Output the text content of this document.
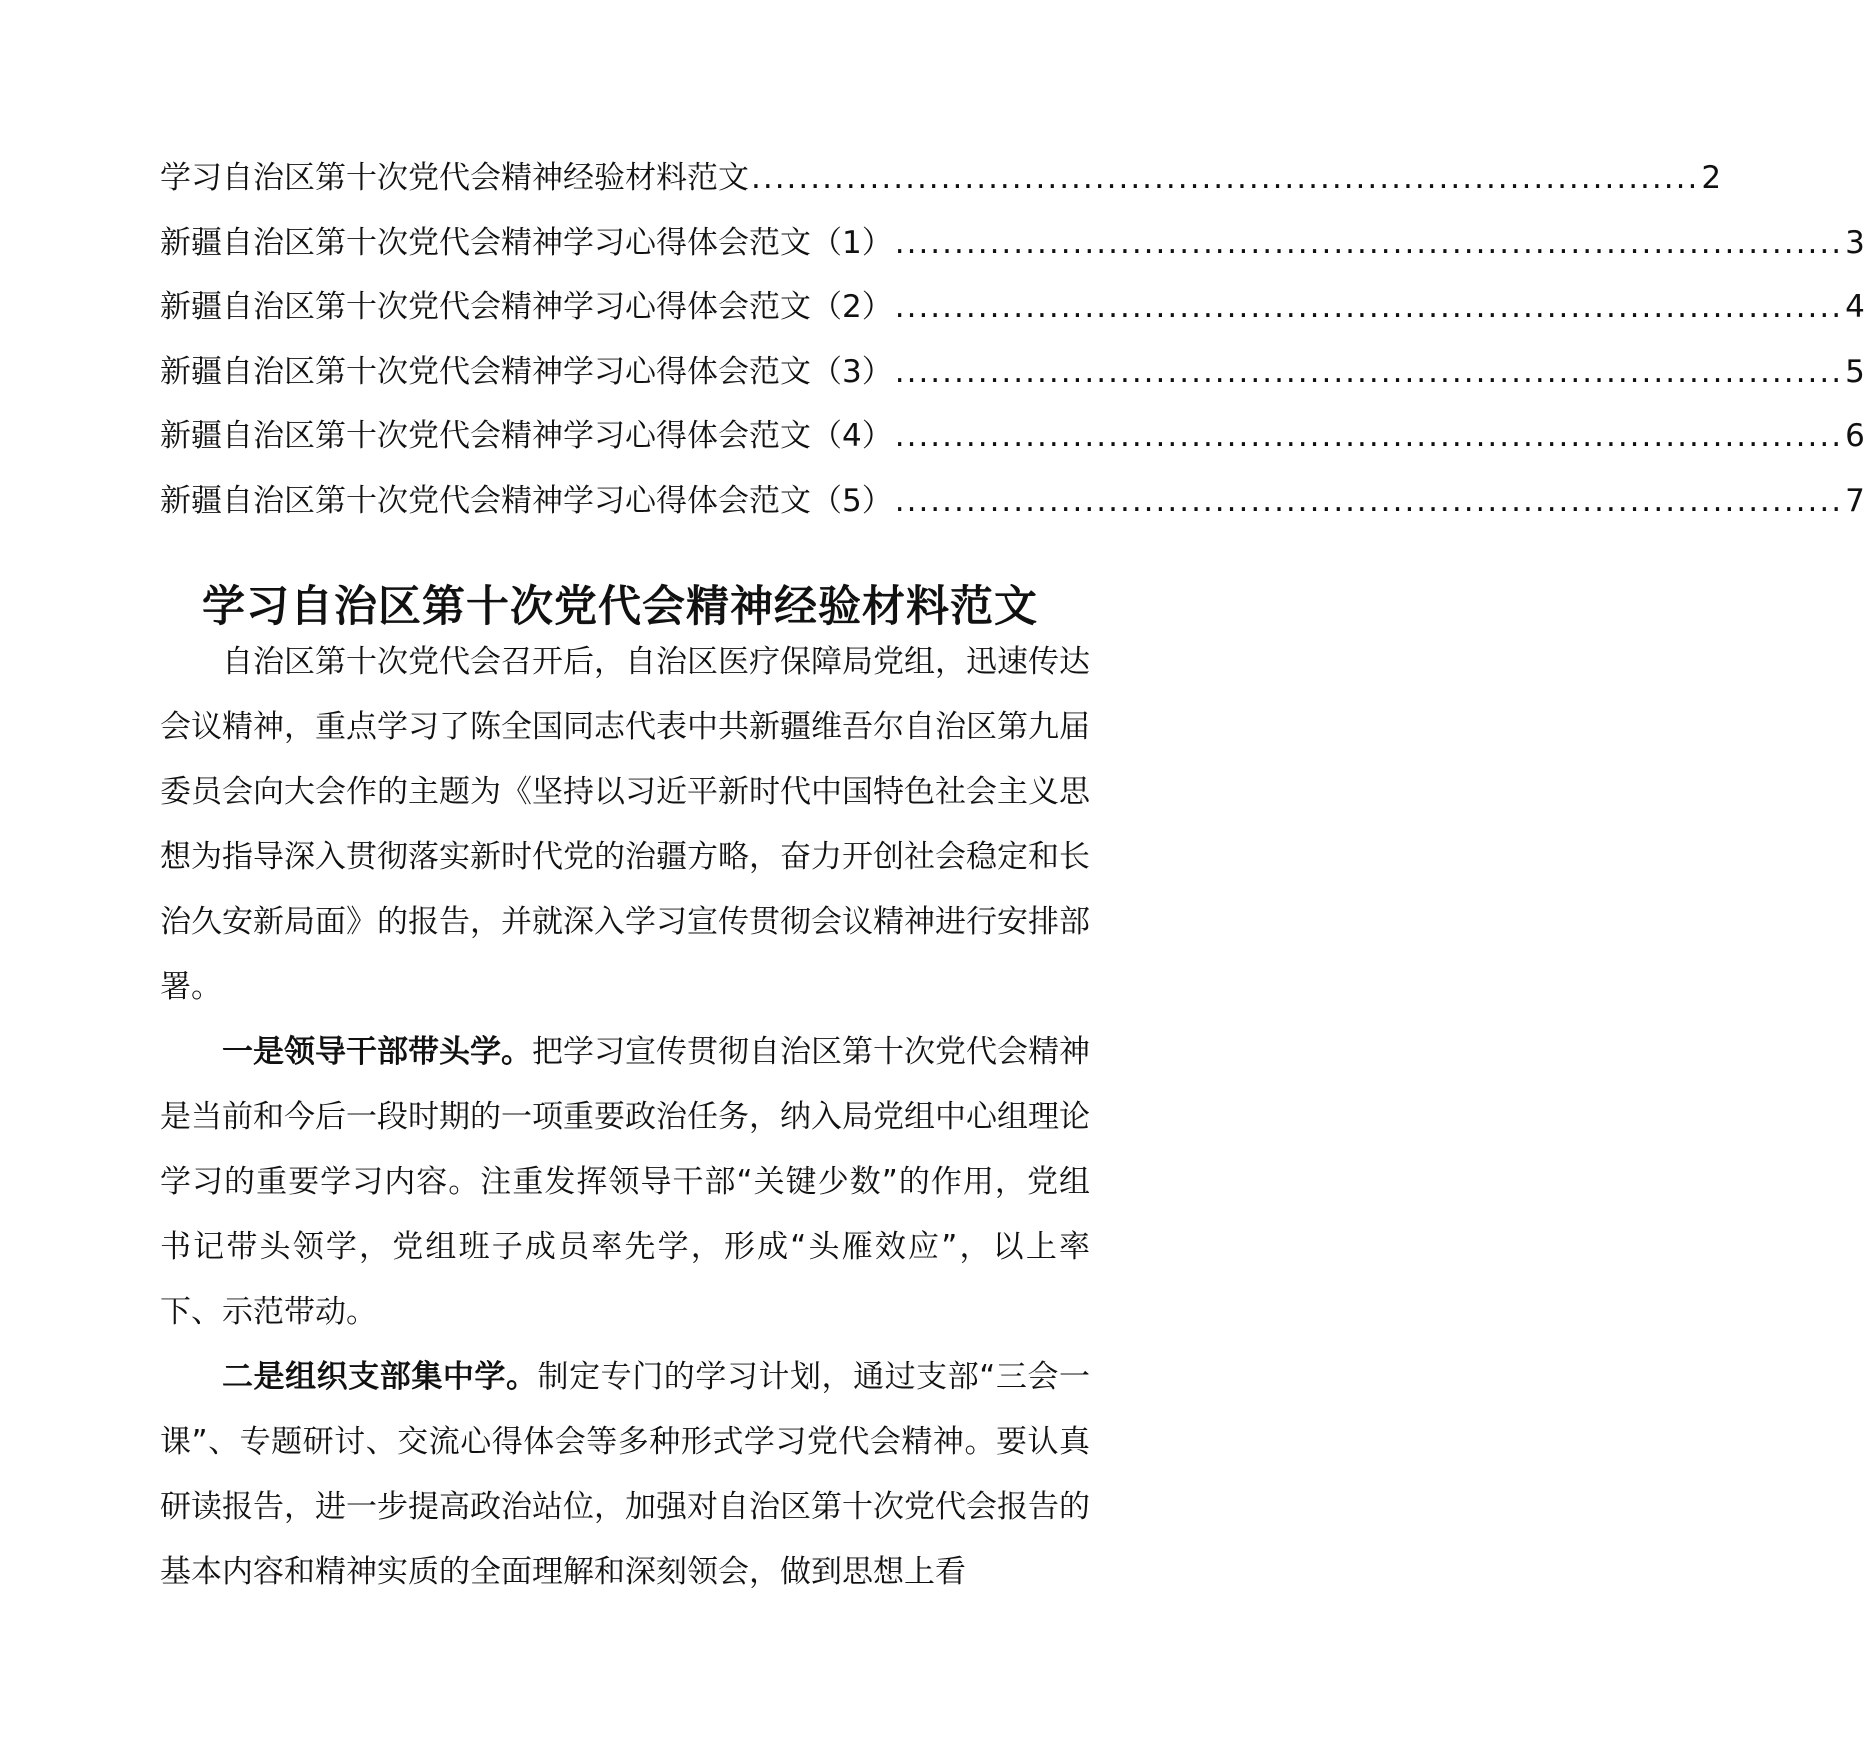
学习自治区第十次党代会精神经验材料范文 ................................................................................ 2
新疆自治区第十次党代会精神学习心得体会范文（1） ................................................................................ 3
新疆自治区第十次党代会精神学习心得体会范文（2） ................................................................................ 4
新疆自治区第十次党代会精神学习心得体会范文（3） ................................................................................ 5
新疆自治区第十次党代会精神学习心得体会范文（4） ................................................................................ 6
新疆自治区第十次党代会精神学习心得体会范文（5） ................................................................................ 7
学习自治区第十次党代会精神经验材料范文

自治区第十次党代会召开后，自治区医疗保障局党组，迅速传达会议精神，重点学习了陈全国同志代表中共新疆维吾尔自治区第九届委员会向大会作的主题为《坚持以习近平新时代中国特色社会主义思想为指导深入贯彻落实新时代党的治疆方略，奋力开创社会稳定和长治久安新局面》的报告，并就深入学习宣传贯彻会议精神进行安排部署。

一是领导干部带头学。把学习宣传贯彻自治区第十次党代会精神是当前和今后一段时期的一项重要政治任务，纳入局党组中心组理论学习的重要学习内容。注重发挥领导干部“关键少数”的作用，党组书记带头领学，党组班子成员率先学，形成“头雁效应”，以上率下、示范带动。

二是组织支部集中学。制定专门的学习计划，通过支部“三会一课”、专题研讨、交流心得体会等多种形式学习党代会精神。要认真研读报告，进一步提高政治站位，加强对自治区第十次党代会报告的基本内容和精神实质的全面理解和深刻领会，做到思想上看
